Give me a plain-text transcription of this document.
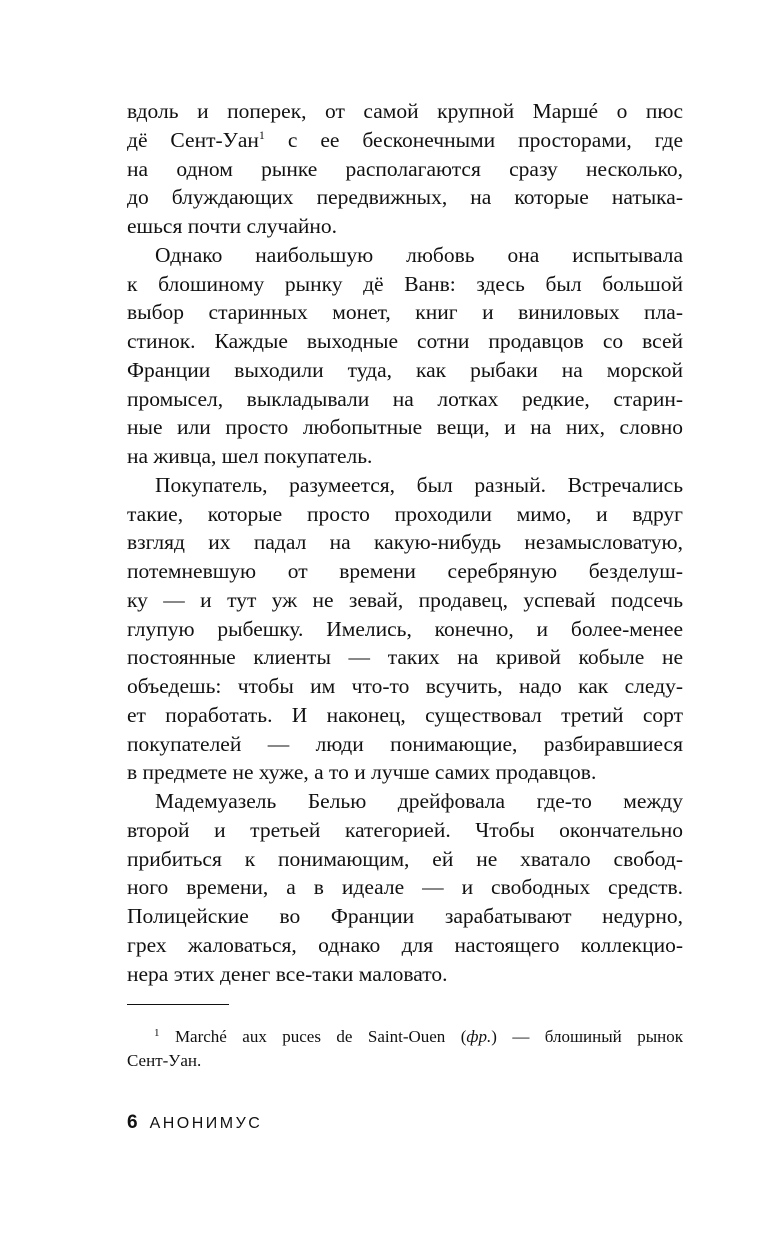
вдоль и поперек, от самой крупной Маршé о пюс
дё Сент-Уан$^1$ с ее бесконечными просторами, где
на одном рынке располагаются сразу несколько,
до блуждающих передвижных, на которые натыка-
ешься почти случайно.
Однако наибольшую любовь она испытывала
к блошиному рынку дё Ванв: здесь был большой
выбор старинных монет, книг и виниловых пла-
стинок. Каждые выходные сотни продавцов со всей
Франции выходили туда, как рыбаки на морской
промысел, выкладывали на лотках редкие, старин-
ные или просто любопытные вещи, и на них, словно
на живца, шел покупатель.
Покупатель, разумеется, был разный. Встречались
такие, которые просто проходили мимо, и вдруг
взгляд их падал на какую-нибудь незамысловатую,
потемневшую от времени серебряную безделуш-
ку — и тут уж не зевай, продавец, успевай подсечь
глупую рыбешку. Имелись, конечно, и более-менее
постоянные клиенты — таких на кривой кобыле не
объедешь: чтобы им что-то всучить, надо как следу-
ет поработать. И наконец, существовал третий сорт
покупателей — люди понимающие, разбиравшиеся
в предмете не хуже, а то и лучше самих продавцов.
Мадемуазель Белью дрейфовала где-то между
второй и третьей категорией. Чтобы окончательно
прибиться к понимающим, ей не хватало свобод-
ного времени, а в идеале — и свободных средств.
Полицейские во Франции зарабатывают недурно,
грех жаловаться, однако для настоящего коллекцио-
нера этих денег все-таки маловато.
$^1$ Marché aux puces de Saint-Ouen (фр.) — блошиный рынок
Сент-Уан.
6 АНОНИМУС
